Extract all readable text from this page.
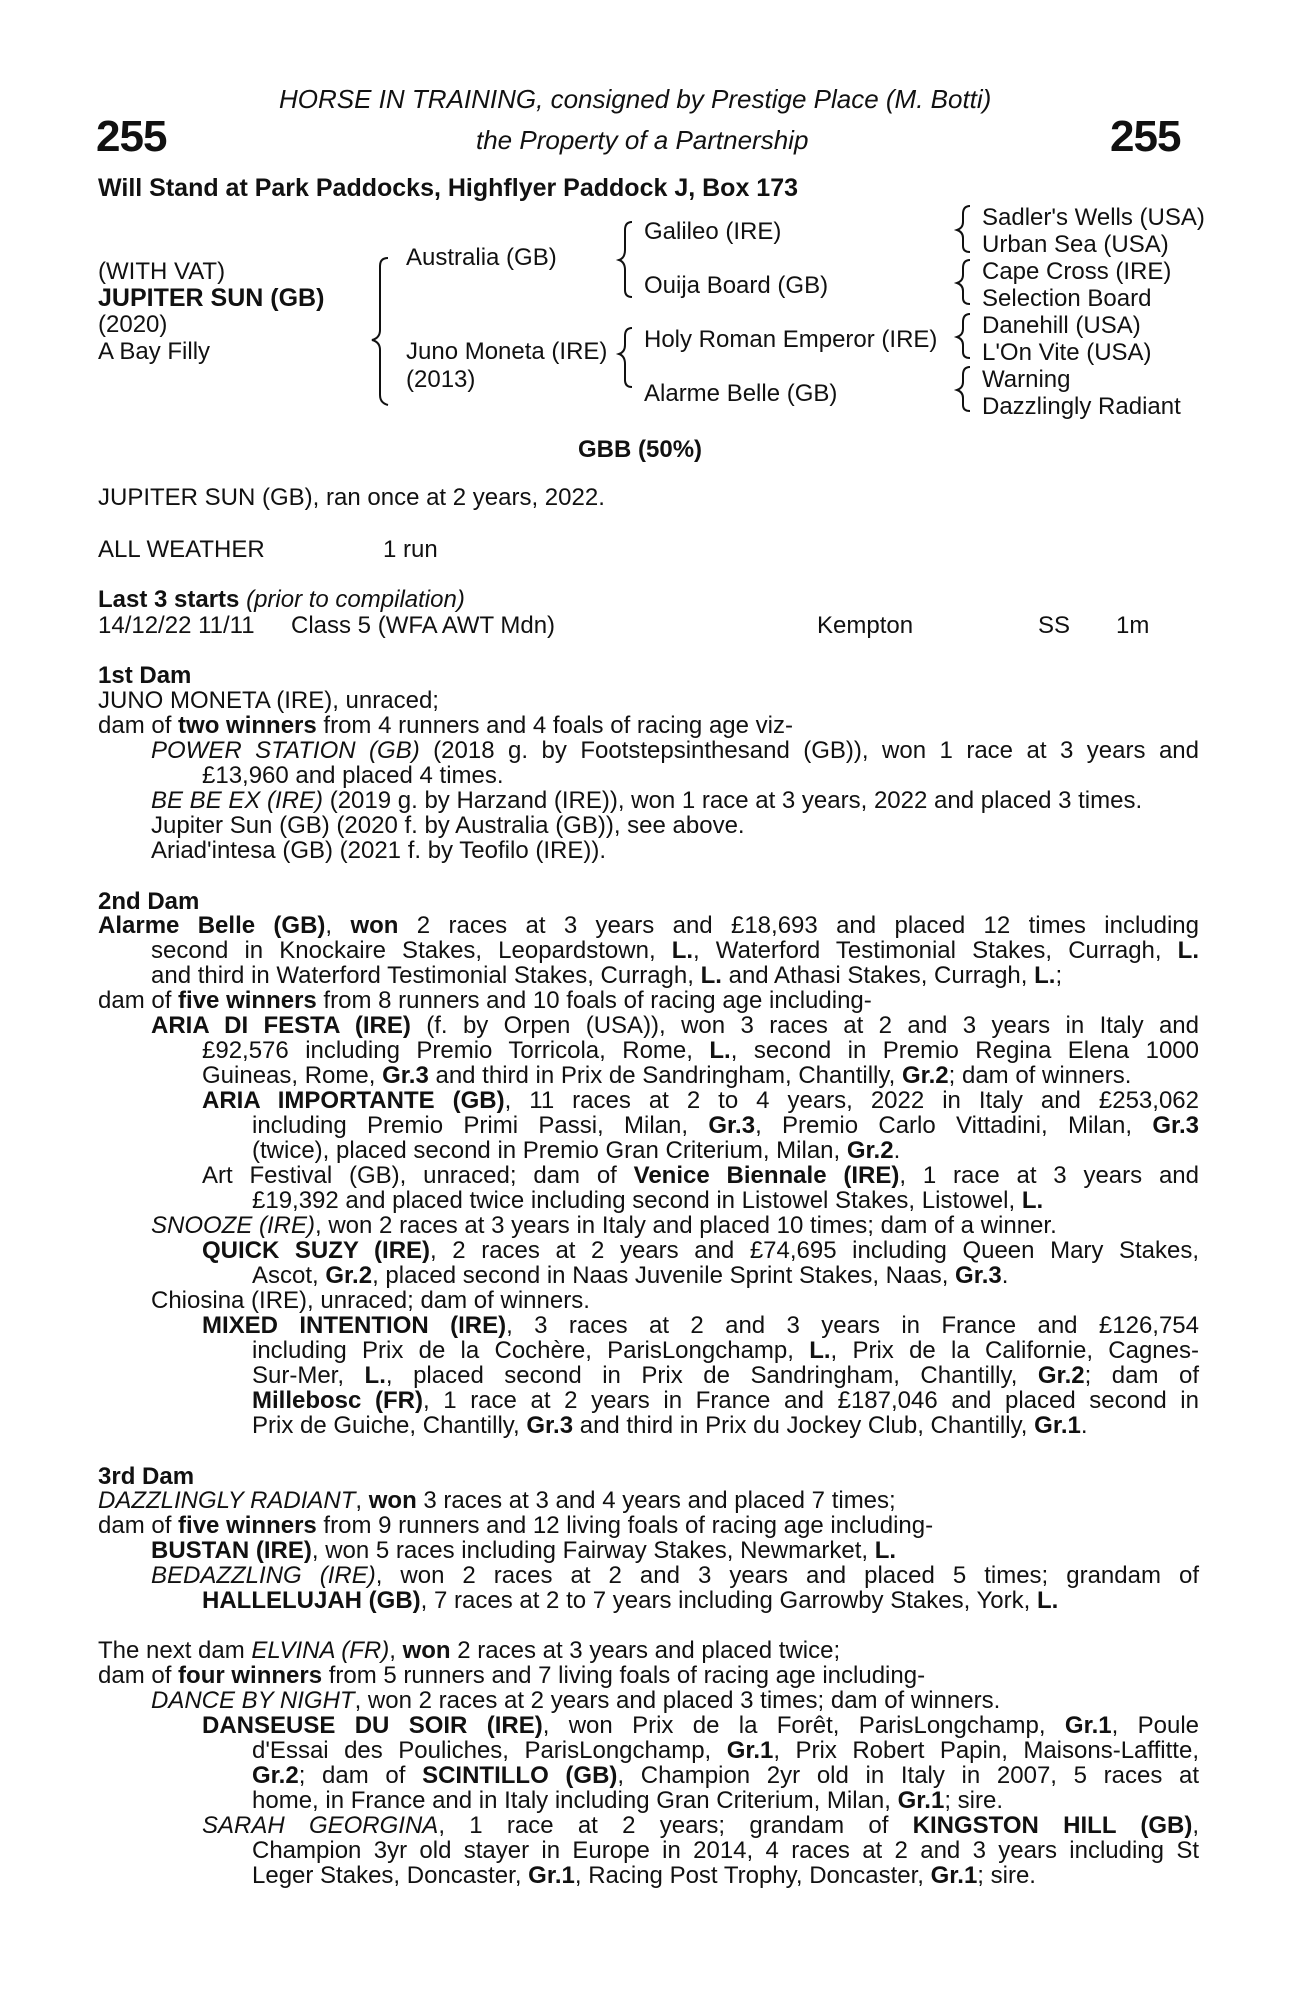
255	255
HORSE IN TRAINING, consigned by Prestige Place (M. Botti)
the Property of a Partnership
Will Stand at Park Paddocks, Highflyer Paddock J, Box 173
(WITH VAT)
JUPITER SUN (GB)
(2020)
A Bay Filly
Australia (GB)
Juno Moneta (IRE)
(2013)
Galileo (IRE)
Ouija Board (GB)
Holy Roman Emperor (IRE)
Alarme Belle (GB)
Sadler's Wells (USA)
Urban Sea (USA)
Cape Cross (IRE)
Selection Board
Danehill (USA)
L'On Vite (USA)
Warning
Dazzlingly Radiant
GBB (50%)
JUPITER SUN (GB), ran once at 2 years, 2022.
ALL WEATHER	1 run
Last 3 starts (prior to compilation)
14/12/22 11/11 Class 5 (WFA AWT Mdn)	Kempton	SS 1m
1st Dam
JUNO MONETA (IRE), unraced;
dam of two winners from 4 runners and 4 foals of racing age viz-
POWER STATION (GB) (2018 g. by Footstepsinthesand (GB)), won 1 race at 3 years and
£13,960 and placed 4 times.
BE BE EX (IRE) (2019 g. by Harzand (IRE)), won 1 race at 3 years, 2022 and placed 3 times.
Jupiter Sun (GB) (2020 f. by Australia (GB)), see above.
Ariad'intesa (GB) (2021 f. by Teofilo (IRE)).
2nd Dam
Alarme Belle (GB), won 2 races at 3 years and £18,693 and placed 12 times including
second in Knockaire Stakes, Leopardstown, L., Waterford Testimonial Stakes, Curragh, L.
and third in Waterford Testimonial Stakes, Curragh, L. and Athasi Stakes, Curragh, L.;
dam of five winners from 8 runners and 10 foals of racing age including-
ARIA DI FESTA (IRE) (f. by Orpen (USA)), won 3 races at 2 and 3 years in Italy and
£92,576 including Premio Torricola, Rome, L., second in Premio Regina Elena 1000
Guineas, Rome, Gr.3 and third in Prix de Sandringham, Chantilly, Gr.2; dam of winners.
ARIA IMPORTANTE (GB), 11 races at 2 to 4 years, 2022 in Italy and £253,062
including Premio Primi Passi, Milan, Gr.3, Premio Carlo Vittadini, Milan, Gr.3
(twice), placed second in Premio Gran Criterium, Milan, Gr.2.
Art Festival (GB), unraced; dam of Venice Biennale (IRE), 1 race at 3 years and
£19,392 and placed twice including second in Listowel Stakes, Listowel, L.
SNOOZE (IRE), won 2 races at 3 years in Italy and placed 10 times; dam of a winner.
QUICK SUZY (IRE), 2 races at 2 years and £74,695 including Queen Mary Stakes,
Ascot, Gr.2, placed second in Naas Juvenile Sprint Stakes, Naas, Gr.3.
Chiosina (IRE), unraced; dam of winners.
MIXED INTENTION (IRE), 3 races at 2 and 3 years in France and £126,754
including Prix de la Cochère, ParisLongchamp, L., Prix de la Californie, Cagnes-
Sur-Mer, L., placed second in Prix de Sandringham, Chantilly, Gr.2; dam of
Millebosc (FR), 1 race at 2 years in France and £187,046 and placed second in
Prix de Guiche, Chantilly, Gr.3 and third in Prix du Jockey Club, Chantilly, Gr.1.
3rd Dam
DAZZLINGLY RADIANT, won 3 races at 3 and 4 years and placed 7 times;
dam of five winners from 9 runners and 12 living foals of racing age including-
BUSTAN (IRE), won 5 races including Fairway Stakes, Newmarket, L.
BEDAZZLING (IRE), won 2 races at 2 and 3 years and placed 5 times; grandam of
HALLELUJAH (GB), 7 races at 2 to 7 years including Garrowby Stakes, York, L.
The next dam ELVINA (FR), won 2 races at 3 years and placed twice;
dam of four winners from 5 runners and 7 living foals of racing age including-
DANCE BY NIGHT, won 2 races at 2 years and placed 3 times; dam of winners.
DANSEUSE DU SOIR (IRE), won Prix de la Forêt, ParisLongchamp, Gr.1, Poule
d'Essai des Pouliches, ParisLongchamp, Gr.1, Prix Robert Papin, Maisons-Laffitte,
Gr.2; dam of SCINTILLO (GB), Champion 2yr old in Italy in 2007, 5 races at
home, in France and in Italy including Gran Criterium, Milan, Gr.1; sire.
SARAH GEORGINA, 1 race at 2 years; grandam of KINGSTON HILL (GB),
Champion 3yr old stayer in Europe in 2014, 4 races at 2 and 3 years including St
Leger Stakes, Doncaster, Gr.1, Racing Post Trophy, Doncaster, Gr.1; sire.
